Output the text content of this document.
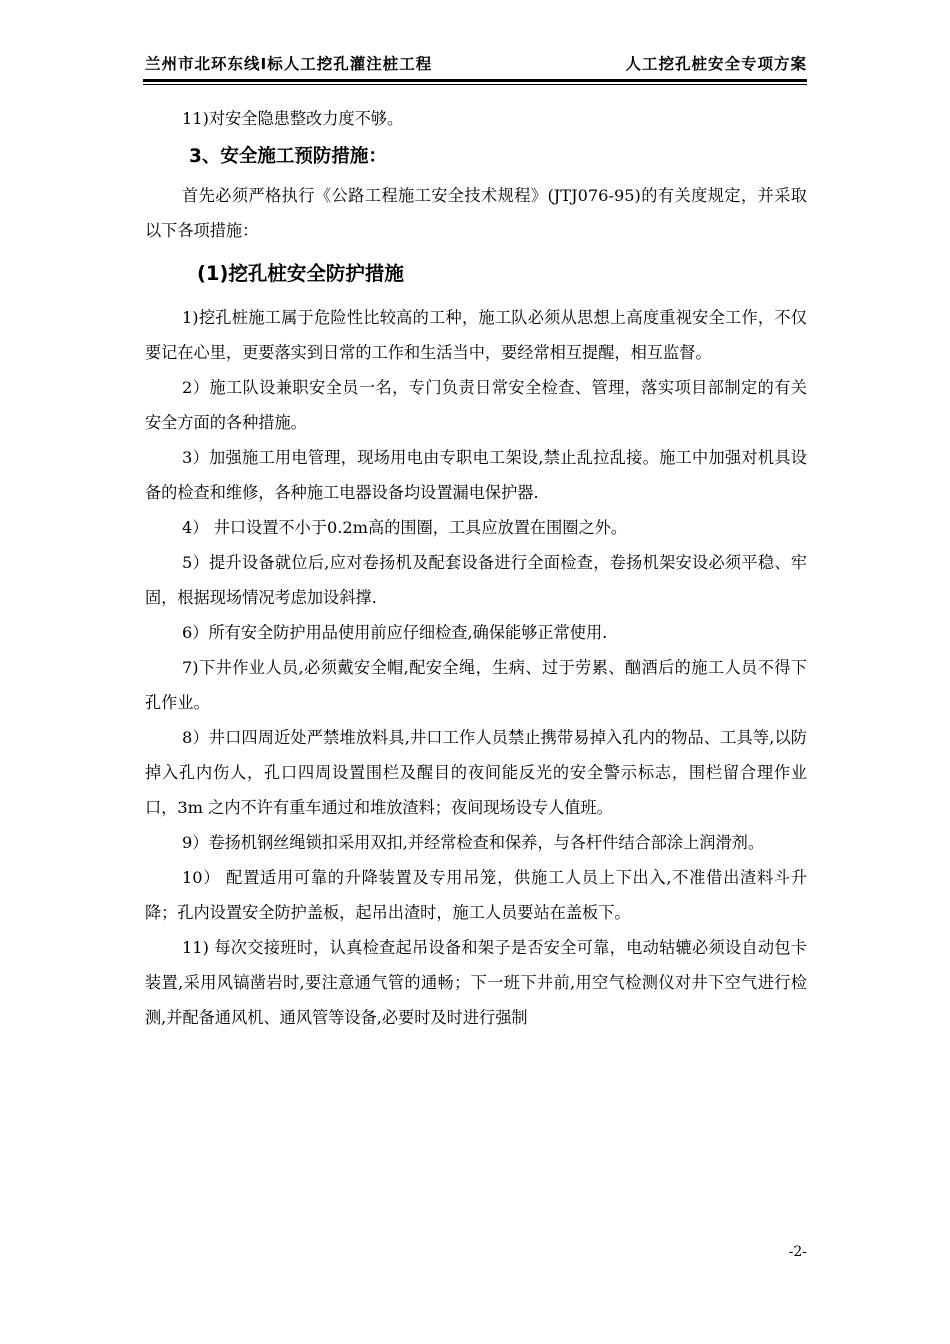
兰州市北环东线Ⅰ标人工挖孔灌注桩工程	人工挖孔桩安全专项方案

11)对安全隐患整改力度不够。

3、安全施工预防措施：

首先必须严格执行《公路工程施工安全技术规程》(JTJ076-95)的有关度规定，并采取以下各项措施：

(1)挖孔桩安全防护措施

1)挖孔桩施工属于危险性比较高的工种，施工队必须从思想上高度重视安全工作，不仅要记在心里，更要落实到日常的工作和生活当中，要经常相互提醒，相互监督。

2）施工队设兼职安全员一名，专门负责日常安全检查、管理，落实项目部制定的有关安全方面的各种措施。

3）加强施工用电管理，现场用电由专职电工架设,禁止乱拉乱接。施工中加强对机具设备的检查和维修，各种施工电器设备均设置漏电保护器.

4） 井口设置不小于0.2m高的围圈，工具应放置在围圈之外。

5）提升设备就位后,应对卷扬机及配套设备进行全面检查，卷扬机架安设必须平稳、牢固，根据现场情况考虑加设斜撑.

6）所有安全防护用品使用前应仔细检查,确保能够正常使用.

7)下井作业人员,必须戴安全帽,配安全绳，生病、过于劳累、酗酒后的施工人员不得下孔作业。

8）井口四周近处严禁堆放料具,井口工作人员禁止携带易掉入孔内的物品、工具等,以防掉入孔内伤人，孔口四周设置围栏及醒目的夜间能反光的安全警示标志，围栏留合理作业口，3m 之内不许有重车通过和堆放渣料；夜间现场设专人值班。

9）卷扬机钢丝绳锁扣采用双扣,并经常检查和保养，与各杆件结合部涂上润滑剂。

10） 配置适用可靠的升降装置及专用吊笼，供施工人员上下出入,不准借出渣料斗升降；孔内设置安全防护盖板，起吊出渣时，施工人员要站在盖板下。

11) 每次交接班时，认真检查起吊设备和架子是否安全可靠，电动轱辘必须设自动包卡装置,采用风镐凿岩时,要注意通气管的通畅；下一班下井前,用空气检测仪对井下空气进行检测,并配备通风机、通风管等设备,必要时及时进行强制

-2-
